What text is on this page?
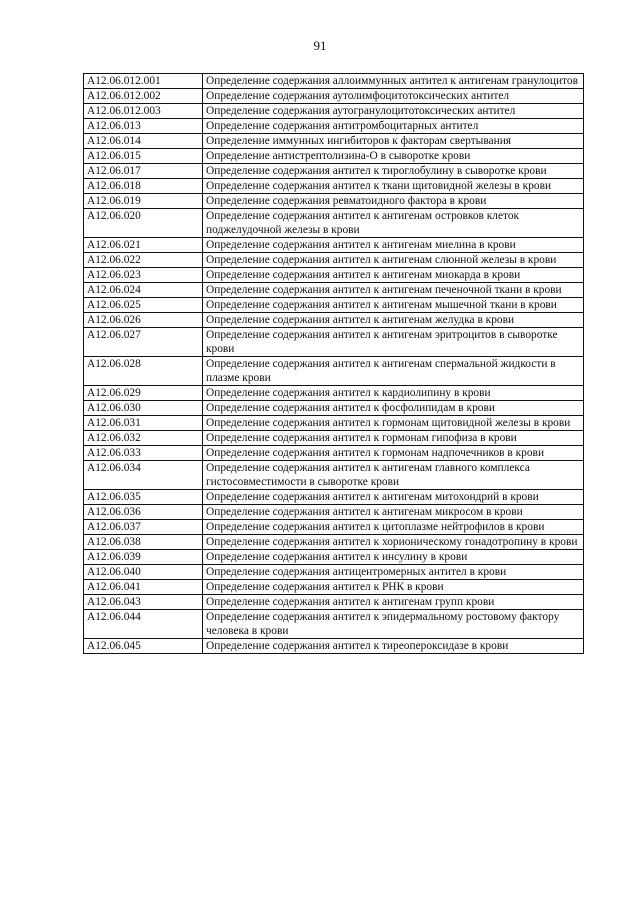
91
A12.06.012.001	Определение содержания аллоиммунных антител к антигенам гранулоцитов
A12.06.012.002	Определение содержания аутолимфоцитотоксических антител
A12.06.012.003	Определение содержания аутогранулоцитотоксических антител
A12.06.013	Определение содержания антитромбоцитарных антител
A12.06.014	Определение иммунных ингибиторов к факторам свертывания
A12.06.015	Определение антистрептолизина-О в сыворотке крови
A12.06.017	Определение содержания антител к тироглобулину в сыворотке крови
A12.06.018	Определение содержания антител к ткани щитовидной железы в крови
A12.06.019	Определение содержания ревматоидного фактора в крови
A12.06.020	Определение содержания антител к антигенам островков клеток поджелудочной железы в крови
A12.06.021	Определение содержания антител к антигенам миелина в крови
A12.06.022	Определение содержания антител к антигенам слюнной железы в крови
A12.06.023	Определение содержания антител к антигенам миокарда в крови
A12.06.024	Определение содержания антител к антигенам печеночной ткани в крови
A12.06.025	Определение содержания антител к антигенам мышечной ткани в крови
A12.06.026	Определение содержания антител к антигенам желудка в крови
A12.06.027	Определение содержания антител к антигенам эритроцитов в сыворотке крови
A12.06.028	Определение содержания антител к антигенам спермальной жидкости в плазме крови
A12.06.029	Определение содержания антител к кардиолипину в крови
A12.06.030	Определение содержания антител к фосфолипидам в крови
A12.06.031	Определение содержания антител к гормонам щитовидной железы в крови
A12.06.032	Определение содержания антител к гормонам гипофиза в крови
A12.06.033	Определение содержания антител к гормонам надпочечников в крови
A12.06.034	Определение содержания антител к антигенам главного комплекса гистосовместимости в сыворотке крови
A12.06.035	Определение содержания антител к антигенам митохондрий в крови
A12.06.036	Определение содержания антител к антигенам микросом в крови
A12.06.037	Определение содержания антител к цитоплазме нейтрофилов в крови
A12.06.038	Определение содержания антител к хорионическому гонадотропину в крови
A12.06.039	Определение содержания антител к инсулину в крови
A12.06.040	Определение содержания антицентромерных антител в крови
A12.06.041	Определение содержания антител к РНК в крови
A12.06.043	Определение содержания антител к антигенам групп крови
A12.06.044	Определение содержания антител к эпидермальному ростовому фактору человека в крови
A12.06.045	Определение содержания антител к тиреопероксидазе в крови
